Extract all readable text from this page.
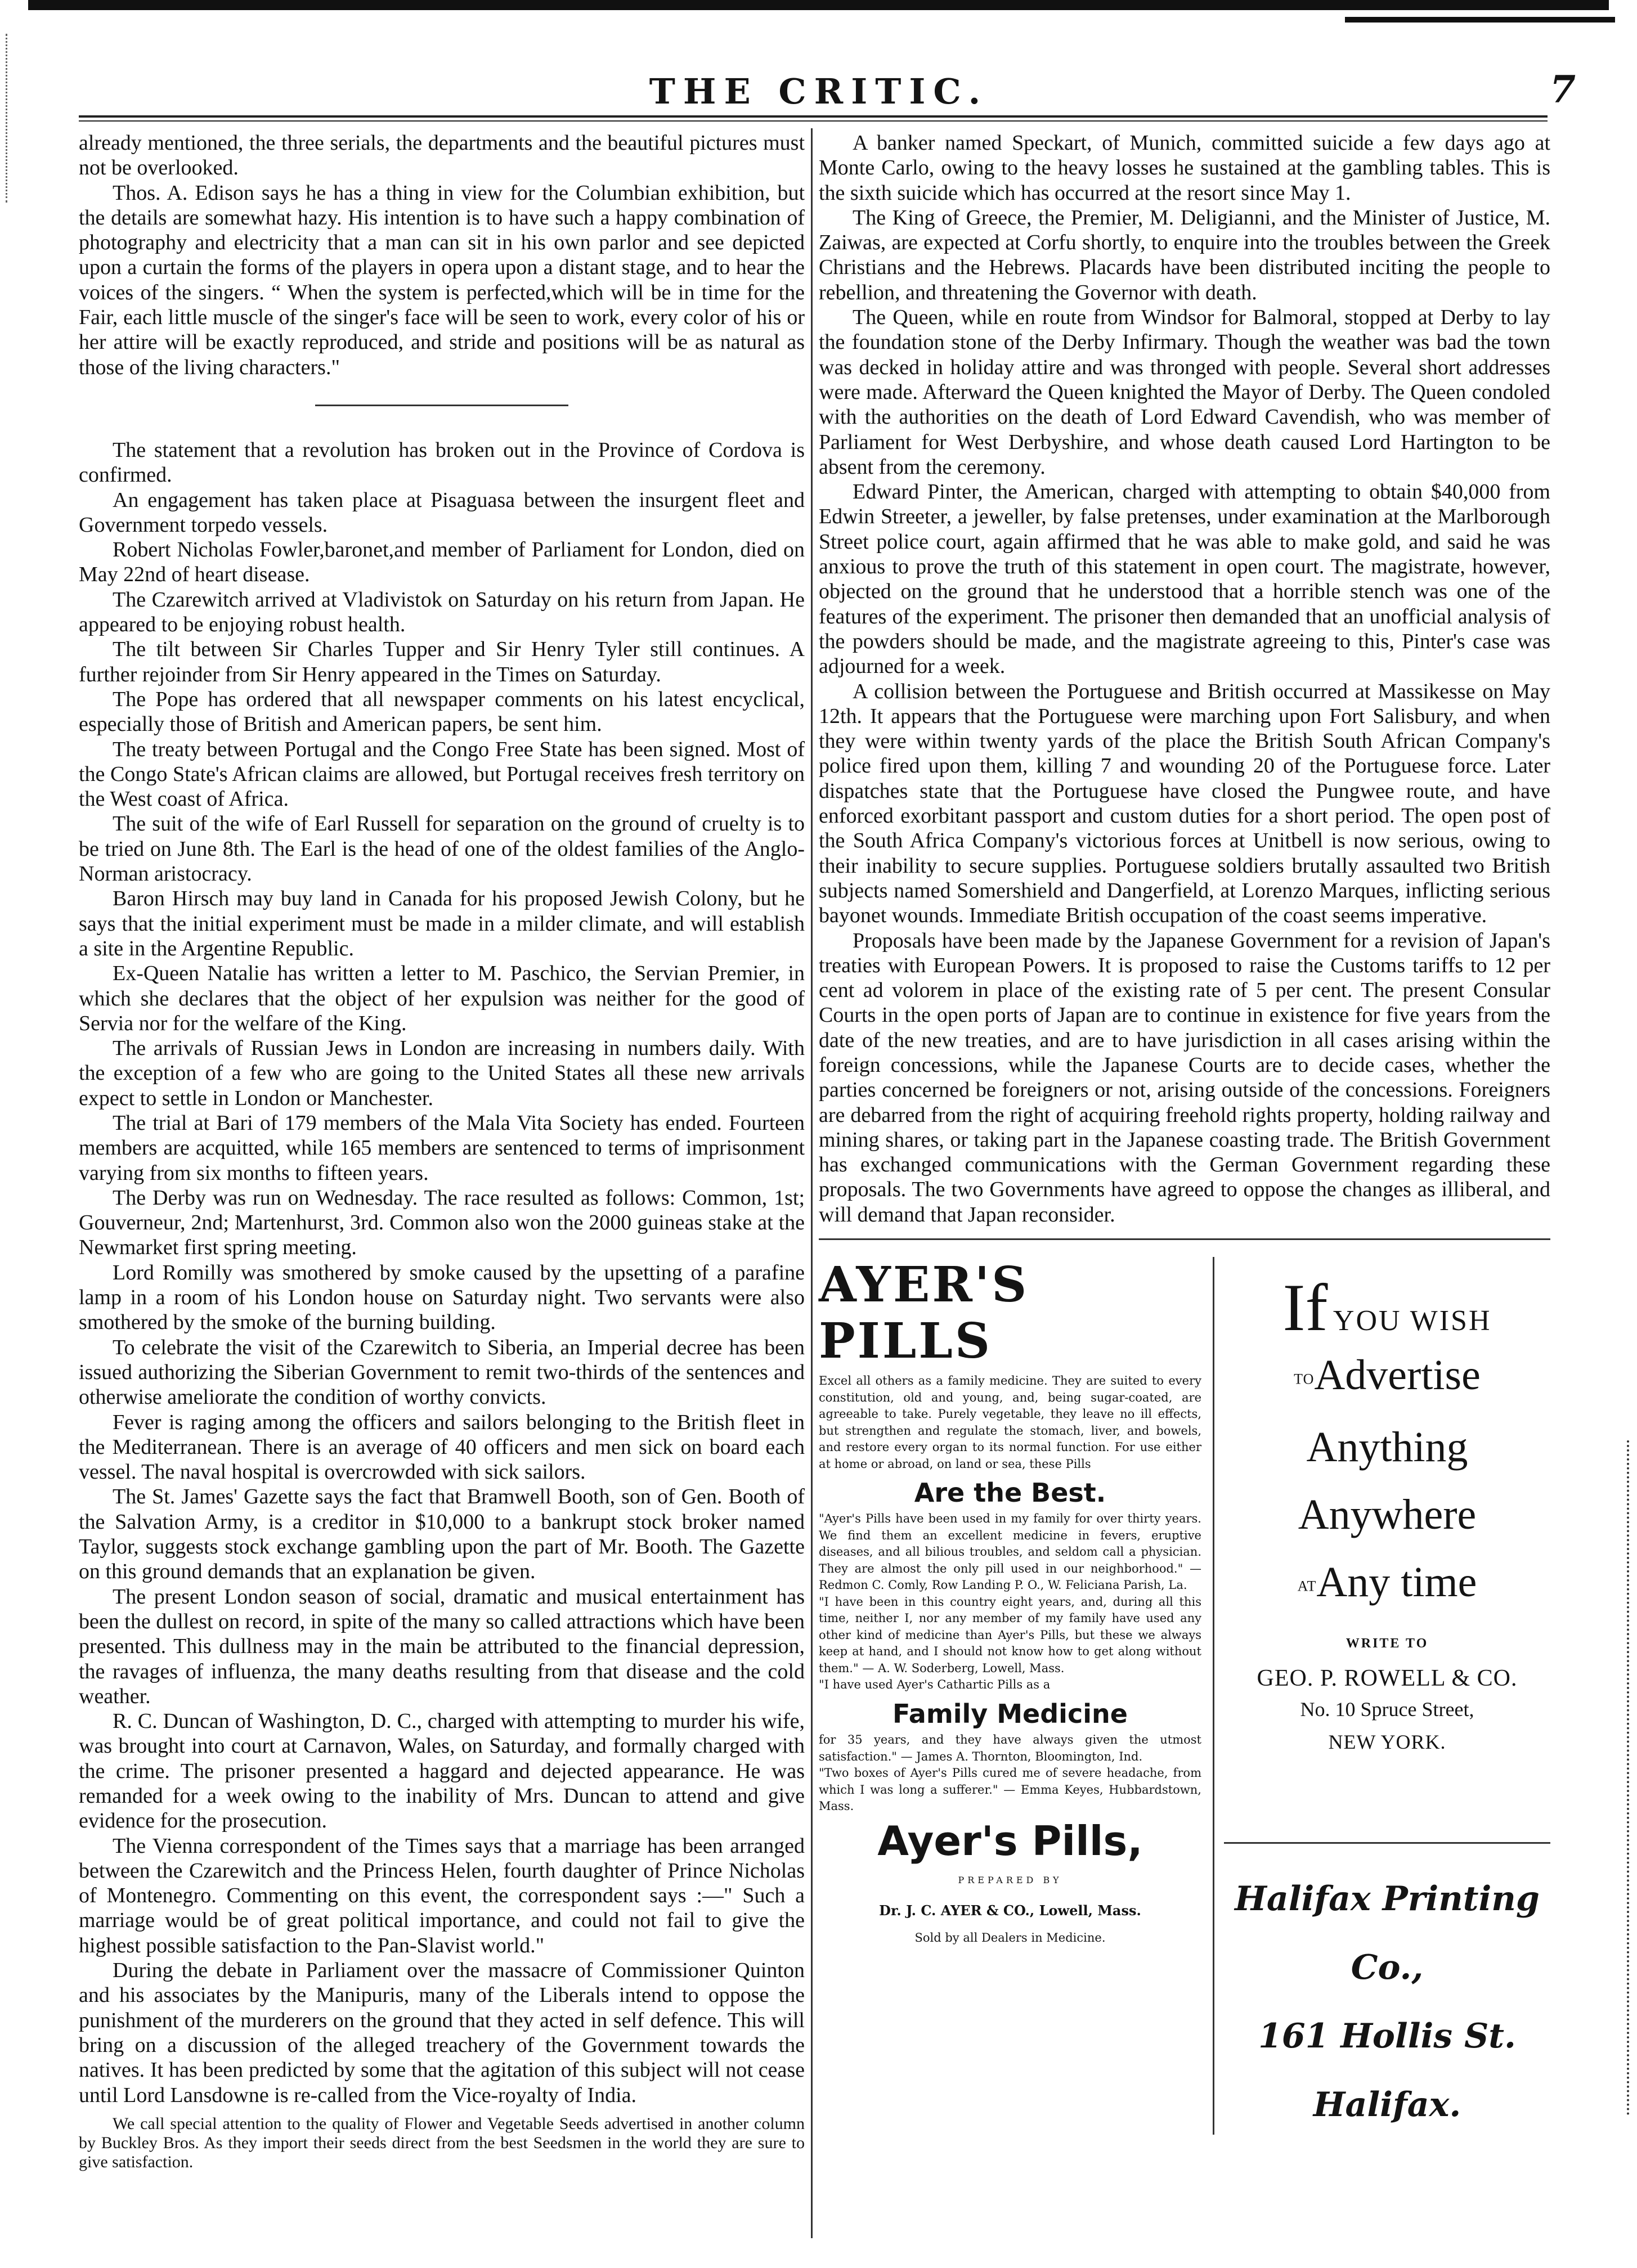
THE CRITIC.	7

already mentioned, the three serials, the departments and the beautiful pictures must not be overlooked.

Thos. A. Edison says he has a thing in view for the Columbian exhibition, but the details are somewhat hazy. His intention is to have such a happy combination of photography and electricity that a man can sit in his own parlor and see depicted upon a curtain the forms of the players in opera upon a distant stage, and to hear the voices of the singers. “ When the system is perfected,which will be in time for the Fair, each little muscle of the singer's face will be seen to work, every color of his or her attire will be exactly reproduced, and stride and positions will be as natural as those of the living characters."

The statement that a revolution has broken out in the Province of Cordova is confirmed.

An engagement has taken place at Pisaguasa between the insurgent fleet and Government torpedo vessels.

Robert Nicholas Fowler,baronet,and member of Parliament for London, died on May 22nd of heart disease.

The Czarewitch arrived at Vladivistok on Saturday on his return from Japan. He appeared to be enjoying robust health.

The tilt between Sir Charles Tupper and Sir Henry Tyler still continues. A further rejoinder from Sir Henry appeared in the Times on Saturday.

The Pope has ordered that all newspaper comments on his latest encyclical, especially those of British and American papers, be sent him.

The treaty between Portugal and the Congo Free State has been signed. Most of the Congo State's African claims are allowed, but Portugal receives fresh territory on the West coast of Africa.

The suit of the wife of Earl Russell for separation on the ground of cruelty is to be tried on June 8th. The Earl is the head of one of the oldest families of the Anglo-Norman aristocracy.

Baron Hirsch may buy land in Canada for his proposed Jewish Colony, but he says that the initial experiment must be made in a milder climate, and will establish a site in the Argentine Republic.

Ex-Queen Natalie has written a letter to M. Paschico, the Servian Premier, in which she declares that the object of her expulsion was neither for the good of Servia nor for the welfare of the King.

The arrivals of Russian Jews in London are increasing in numbers daily. With the exception of a few who are going to the United States all these new arrivals expect to settle in London or Manchester.

The trial at Bari of 179 members of the Mala Vita Society has ended. Fourteen members are acquitted, while 165 members are sentenced to terms of imprisonment varying from six months to fifteen years.

The Derby was run on Wednesday. The race resulted as follows: Common, 1st; Gouverneur, 2nd; Martenhurst, 3rd. Common also won the 2000 guineas stake at the Newmarket first spring meeting.

Lord Romilly was smothered by smoke caused by the upsetting of a parafine lamp in a room of his London house on Saturday night. Two servants were also smothered by the smoke of the burning building.

To celebrate the visit of the Czarewitch to Siberia, an Imperial decree has been issued authorizing the Siberian Government to remit two-thirds of the sentences and otherwise ameliorate the condition of worthy convicts.

Fever is raging among the officers and sailors belonging to the British fleet in the Mediterranean. There is an average of 40 officers and men sick on board each vessel. The naval hospital is overcrowded with sick sailors.

The St. James' Gazette says the fact that Bramwell Booth, son of Gen. Booth of the Salvation Army, is a creditor in $10,000 to a bankrupt stock broker named Taylor, suggests stock exchange gambling upon the part of Mr. Booth. The Gazette on this ground demands that an explanation be given.

The present London season of social, dramatic and musical entertainment has been the dullest on record, in spite of the many so called attractions which have been presented. This dullness may in the main be attributed to the financial depression, the ravages of influenza, the many deaths resulting from that disease and the cold weather.

R. C. Duncan of Washington, D. C., charged with attempting to murder his wife, was brought into court at Carnavon, Wales, on Saturday, and formally charged with the crime. The prisoner presented a haggard and dejected appearance. He was remanded for a week owing to the inability of Mrs. Duncan to attend and give evidence for the prosecution.

The Vienna correspondent of the Times says that a marriage has been arranged between the Czarewitch and the Princess Helen, fourth daughter of Prince Nicholas of Montenegro. Commenting on this event, the correspondent says :—" Such a marriage would be of great political importance, and could not fail to give the highest possible satisfaction to the Pan-Slavist world."

During the debate in Parliament over the massacre of Commissioner Quinton and his associates by the Manipuris, many of the Liberals intend to oppose the punishment of the murderers on the ground that they acted in self defence. This will bring on a discussion of the alleged treachery of the Government towards the natives. It has been predicted by some that the agitation of this subject will not cease until Lord Lansdowne is re-called from the Vice-royalty of India.

We call special attention to the quality of Flower and Vegetable Seeds advertised in another column by Buckley Bros. As they import their seeds direct from the best Seedsmen in the world they are sure to give satisfaction.

A banker named Speckart, of Munich, committed suicide a few days ago at Monte Carlo, owing to the heavy losses he sustained at the gambling tables. This is the sixth suicide which has occurred at the resort since May 1.

The King of Greece, the Premier, M. Deligianni, and the Minister of Justice, M. Zaiwas, are expected at Corfu shortly, to enquire into the troubles between the Greek Christians and the Hebrews. Placards have been distributed inciting the people to rebellion, and threatening the Governor with death.

The Queen, while en route from Windsor for Balmoral, stopped at Derby to lay the foundation stone of the Derby Infirmary. Though the weather was bad the town was decked in holiday attire and was thronged with people. Several short addresses were made. Afterward the Queen knighted the Mayor of Derby. The Queen condoled with the authorities on the death of Lord Edward Cavendish, who was member of Parliament for West Derbyshire, and whose death caused Lord Hartington to be absent from the ceremony.

Edward Pinter, the American, charged with attempting to obtain $40,000 from Edwin Streeter, a jeweller, by false pretenses, under examination at the Marlborough Street police court, again affirmed that he was able to make gold, and said he was anxious to prove the truth of this statement in open court. The magistrate, however, objected on the ground that he understood that a horrible stench was one of the features of the experiment. The prisoner then demanded that an unofficial analysis of the powders should be made, and the magistrate agreeing to this, Pinter's case was adjourned for a week.

A collision between the Portuguese and British occurred at Massikesse on May 12th. It appears that the Portuguese were marching upon Fort Salisbury, and when they were within twenty yards of the place the British South African Company's police fired upon them, killing 7 and wounding 20 of the Portuguese force. Later dispatches state that the Portuguese have closed the Pungwee route, and have enforced exorbitant passport and custom duties for a short period. The open post of the South Africa Company's victorious forces at Unitbell is now serious, owing to their inability to secure supplies. Portuguese soldiers brutally assaulted two British subjects named Somershield and Dangerfield, at Lorenzo Marques, inflicting serious bayonet wounds. Immediate British occupation of the coast seems imperative.

Proposals have been made by the Japanese Government for a revision of Japan's treaties with European Powers. It is proposed to raise the Customs tariffs to 12 per cent ad volorem in place of the existing rate of 5 per cent. The present Consular Courts in the open ports of Japan are to continue in existence for five years from the date of the new treaties, and are to have jurisdiction in all cases arising within the foreign concessions, while the Japanese Courts are to decide cases, whether the parties concerned be foreigners or not, arising outside of the concessions. Foreigners are debarred from the right of acquiring freehold rights property, holding railway and mining shares, or taking part in the Japanese coasting trade. The British Government has exchanged communications with the German Government regarding these proposals. The two Governments have agreed to oppose the changes as illiberal, and will demand that Japan reconsider.

AYER'S PILLS
Excel all others as a family medicine. They are suited to every constitution, old and young, and, being sugar-coated, are agreeable to take. Purely vegetable, they leave no ill effects, but strengthen and regulate the stomach, liver, and bowels, and restore every organ to its normal function. For use either at home or abroad, on land or sea, these Pills
Are the Best.
"Ayer's Pills have been used in my family for over thirty years. We find them an excellent medicine in fevers, eruptive diseases, and all bilious troubles, and seldom call a physician. They are almost the only pill used in our neighborhood." — Redmon C. Comly, Row Landing P. O., W. Feliciana Parish, La.
"I have been in this country eight years, and, during all this time, neither I, nor any member of my family have used any other kind of medicine than Ayer's Pills, but these we always keep at hand, and I should not know how to get along without them." — A. W. Soderberg, Lowell, Mass.
"I have used Ayer's Cathartic Pills as a
Family Medicine
for 35 years, and they have always given the utmost satisfaction." — James A. Thornton, Bloomington, Ind.
"Two boxes of Ayer's Pills cured me of severe headache, from which I was long a sufferer." — Emma Keyes, Hubbardstown, Mass.
Ayer's Pills,
PREPARED BY
Dr. J. C. AYER & CO., Lowell, Mass.
Sold by all Dealers in Medicine.
If YOU WISH
TOAdvertise
Anything
Anywhere
ATAny time
WRITE TO
GEO. P. ROWELL & CO.
No. 10 Spruce Street,
NEW YORK.
Halifax Printing Co.,
161 Hollis St.
Halifax.
